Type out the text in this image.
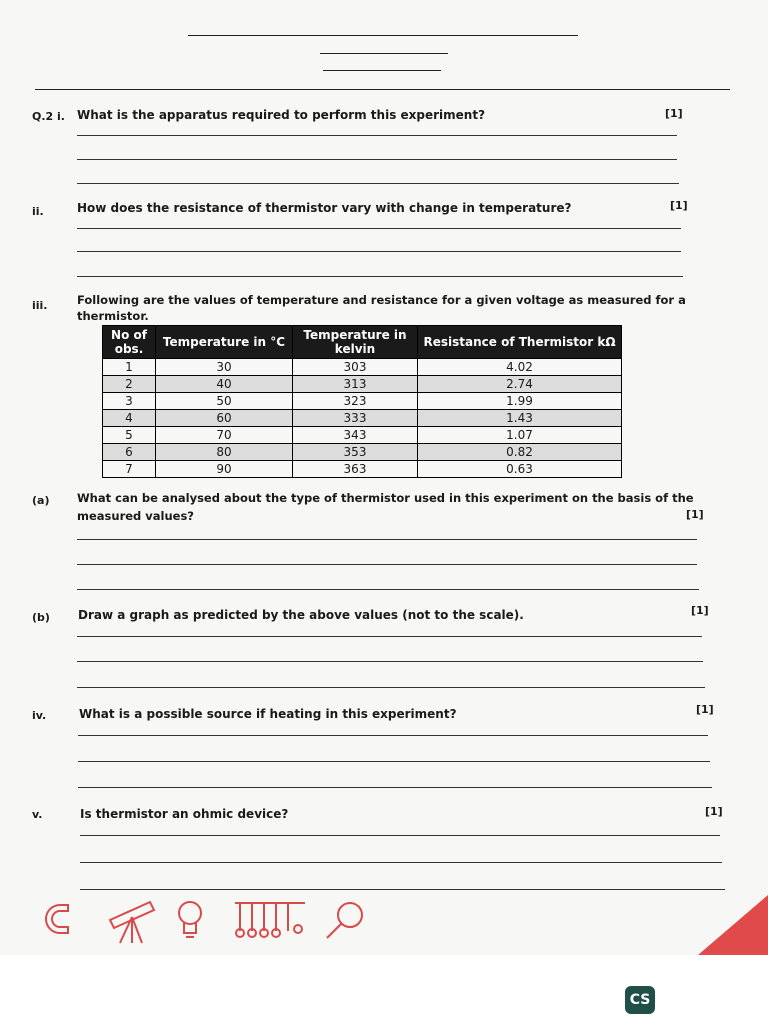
Q.2 i. What is the apparatus required to perform this experiment?	[1]
ii.	How does the resistance of thermistor vary with change in temperature?	[1]
iii.	Following are the values of temperature and resistance for a given voltage as measured for a
thermistor.
No of obs.	Temperature in °C	Temperature in kelvin	Resistance of Thermistor kΩ
1	30	303	4.02
2	40	313	2.74
3	50	323	1.99
4	60	333	1.43
5	70	343	1.07
6	80	353	0.82
7	90	363	0.63
(a) What can be analysed about the type of thermistor used in this experiment on the basis of the
measured values?	[1]
(b) Draw a graph as predicted by the above values (not to the scale).	[1]
iv.	What is a possible source if heating in this experiment?	[1]
v.	Is thermistor an ohmic device?	[1]
CS
